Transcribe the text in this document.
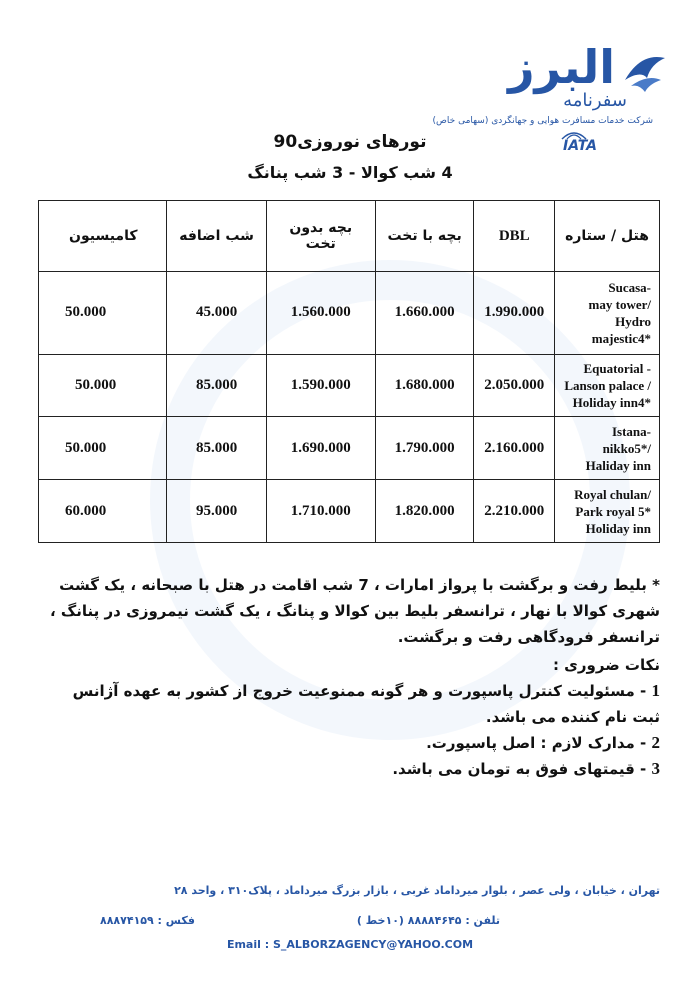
البرز
سفرنامه
شرکت خدمات مسافرت هوایی و جهانگردی (سهامی خاص)
IATA
تورهای نوروزی90
4 شب کوالا - 3 شب پنانگ
هتل / ستاره	DBL	بچه با تخت	بچه بدون تخت	شب اضافه	کامیسیون
Sucasa-
may tower/
Hydro majestic4*	1.990.000	1.660.000	1.560.000	45.000	50.000
Equatorial -
Lanson palace /
Holiday inn4*	2.050.000	1.680.000	1.590.000	85.000	50.000
Istana-
nikko5*/
Haliday inn	2.160.000	1.790.000	1.690.000	85.000	50.000
Royal chulan/
Park royal 5*
Holiday inn	2.210.000	1.820.000	1.710.000	95.000	60.000

* بلیط رفت و برگشت با پرواز امارات ، 7 شب اقامت در هتل با صبحانه ، یک گشت شهری کوالا با نهار ، ترانسفر بلیط بین کوالا و پنانگ ، یک گشت نیمروزی در پنانگ ، ترانسفر فرودگاهی رفت و برگشت.

نکات ضروری :

1 - مسئولیت کنترل پاسپورت و هر گونه ممنوعیت خروج از کشور به عهده آژانس ثبت نام کننده می باشد.

2 - مدارک لازم : اصل پاسپورت.

3 - قیمتهای فوق به تومان می باشد.

تهران ، خیابان ، ولی عصر ، بلوار میرداماد غربی ، بازار بزرگ میرداماد ، پلاک۳۱۰ ، واحد ۲۸
تلفن : ۸۸۸۸۴۶۴۵ (۱۰خط )
فکس : ۸۸۸۷۴۱۵۹
Email : S_ALBORZAGENCY@YAHOO.COM
